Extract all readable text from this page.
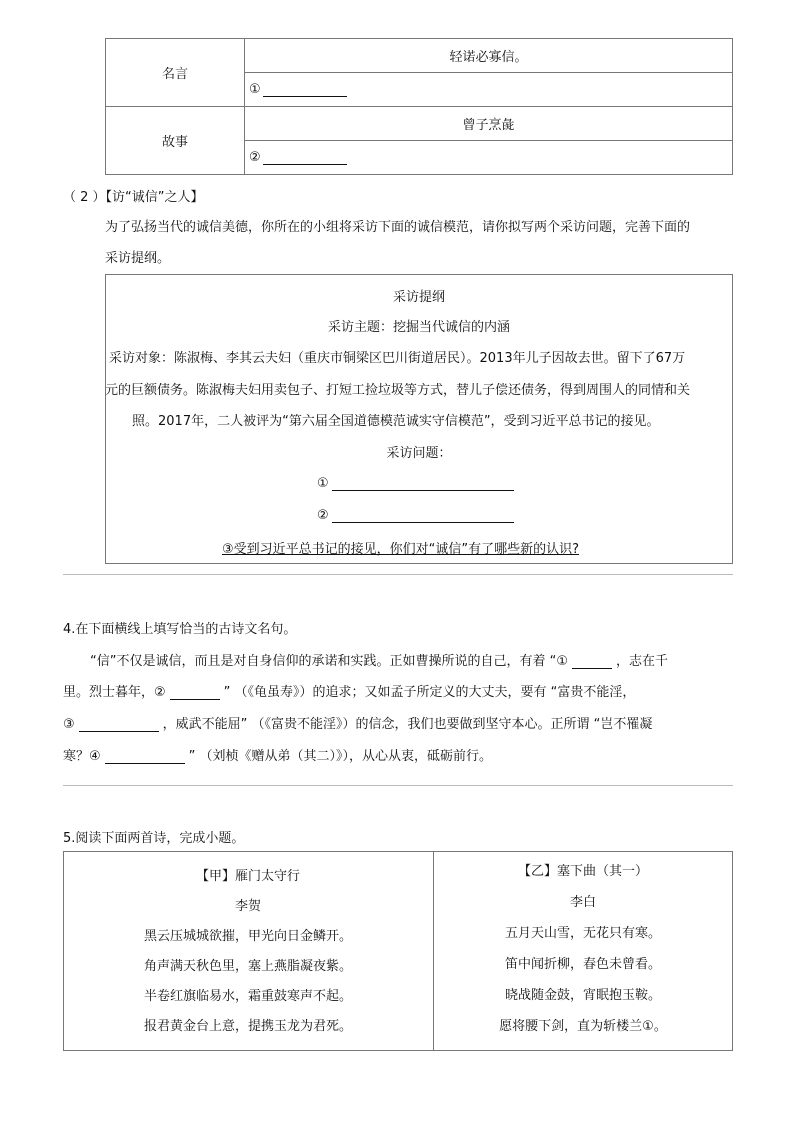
名言	轻诺必寡信。
	①
故事	曾子烹彘
	②
（ 2 ）【访“诚信”之人】
为了弘扬当代的诚信美德，你所在的小组将采访下面的诚信模范，请你拟写两个采访问题，完善下面的
采访提纲。
采访提纲
采访主题：挖掘当代诚信的内涵
采访对象：陈淑梅、李其云夫妇（重庆市铜梁区巴川街道居民）。2013年儿子因故去世。留下了67万
元的巨额债务。陈淑梅夫妇用卖包子、打短工捡垃圾等方式，替儿子偿还债务，得到周围人的同情和关
照。2017年，二人被评为“第六届全国道德模范诚实守信模范”，受到习近平总书记的接见。
采访问题：
①
②
③受到习近平总书记的接见，你们对“诚信”有了哪些新的认识?
4.在下面横线上填写恰当的古诗文名句。
“信”不仅是诚信，而且是对自身信仰的承诺和实践。正如曹操所说的自己，有着 “①	，志在千
里。烈士暮年，②	” （《龟虽寿》）的追求；又如孟子所定义的大丈夫，要有 “富贵不能淫，
③	，威武不能屈” （《富贵不能淫》）的信念，我们也要做到坚守本心。正所谓 “岂不罹凝
寒？④	” （刘桢《赠从弟（其二）》），从心从衷，砥砺前行。
5.阅读下面两首诗，完成小题。
【甲】雁门太守行
李贺
黑云压城城欲摧，甲光向日金鳞开。
角声满天秋色里，塞上燕脂凝夜紫。
半卷红旗临易水，霜重鼓寒声不起。
报君黄金台上意，提携玉龙为君死。
【乙】塞下曲（其一）
李白
五月天山雪，无花只有寒。
笛中闻折柳，春色未曾看。
晓战随金鼓，宵眠抱玉鞍。
愿将腰下剑，直为斩楼兰①。
